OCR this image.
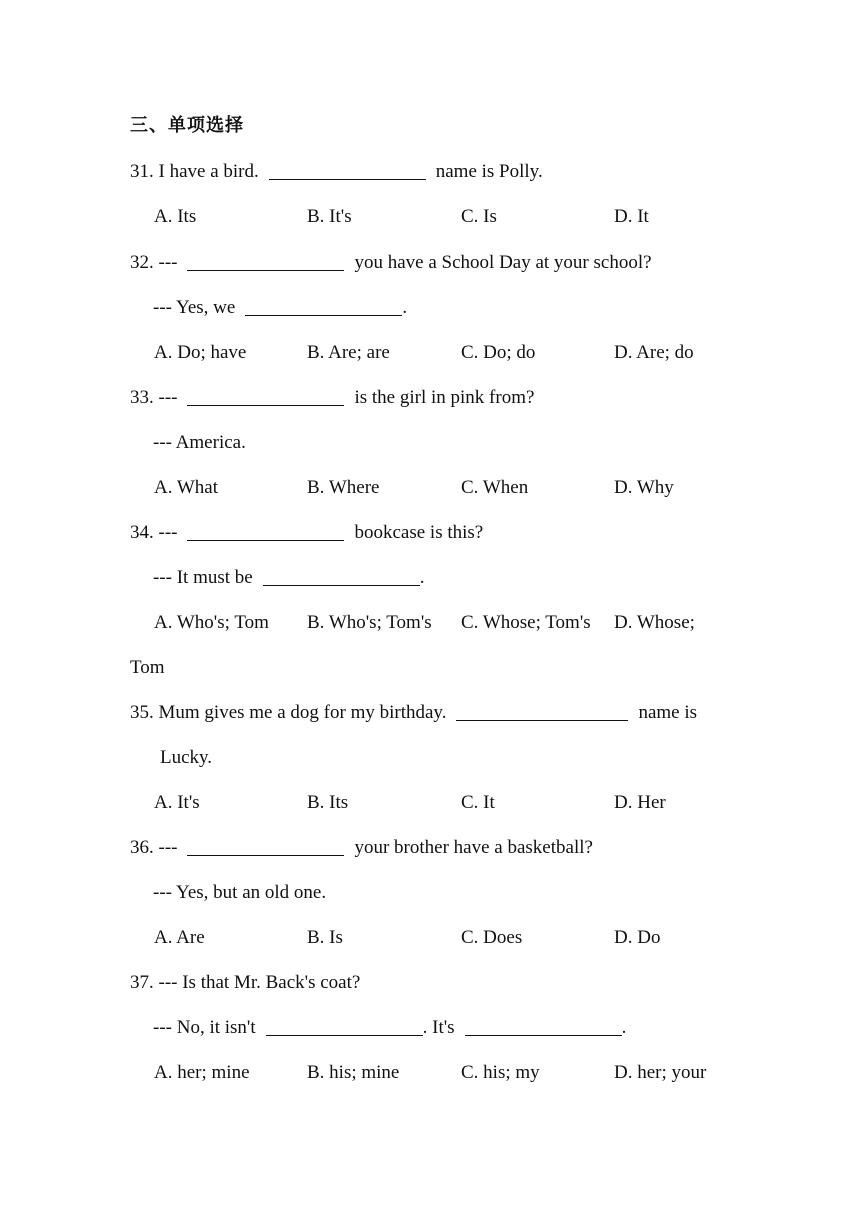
三、单项选择
31. I have a bird.	name is Polly.
A. Its	B. It's	C. Is	D. It
32. ---	you have a School Day at your school?
--- Yes, we	.
A. Do; have	B. Are; are	C. Do; do	D. Are; do
33. ---	is the girl in pink from?
--- America.
A. What	B. Where	C. When	D. Why
34. ---	bookcase is this?
--- It must be	.
A. Who's; Tom B. Who's; Tom's C. Whose; Tom's D. Whose;
Tom
35. Mum gives me a dog for my birthday.	name is
Lucky.
A. It's	B. Its	C. It	D. Her
36. ---	your brother have a basketball?
--- Yes, but an old one.
A. Are	B. Is	C. Does	D. Do
37. --- Is that Mr. Back's coat?
--- No, it isn't	. It's	.
A. her; mine	B. his; mine	C. his; my	D. her; your
